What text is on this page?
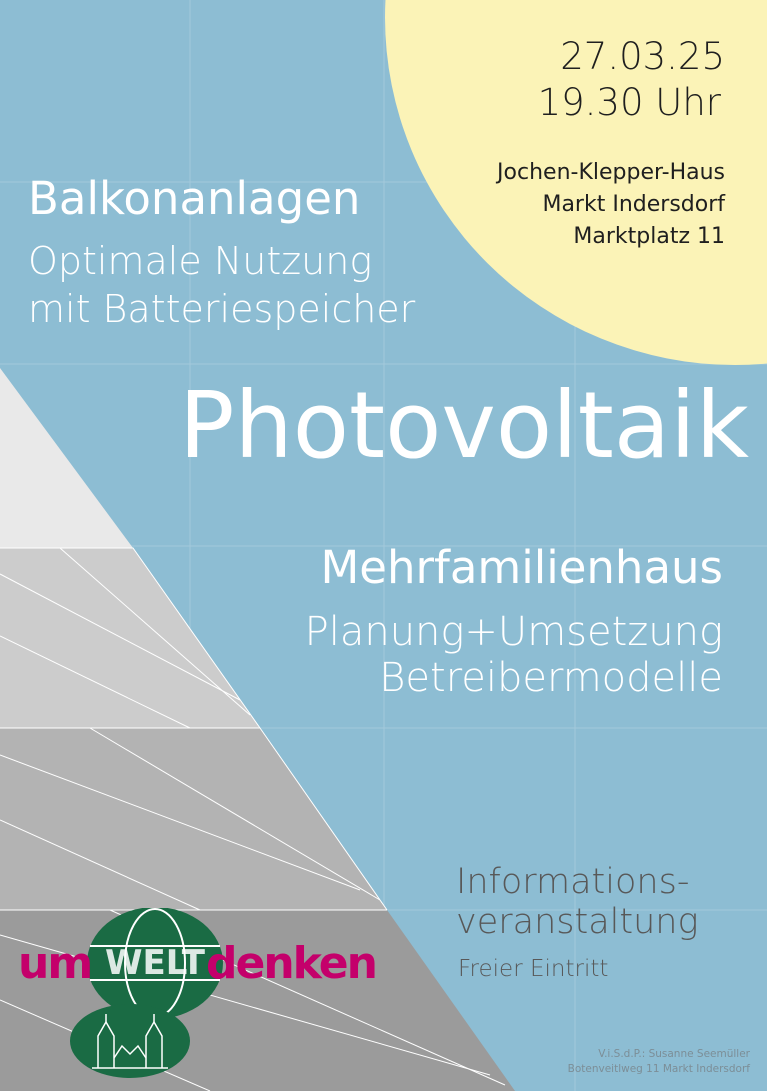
27.03.25
19.30 Uhr
Jochen-Klepper-Haus
Markt Indersdorf
Marktplatz 11
Balkonanlagen
Optimale Nutzung
mit Batteriespeicher
Photovoltaik
Mehrfamilienhaus
Planung+Umsetzung
Betreibermodelle
Informations-
veranstaltung
Freier Eintritt
WELT
um	denken
V.i.S.d.P.: Susanne Seemüller
Botenveitlweg 11 Markt Indersdorf
